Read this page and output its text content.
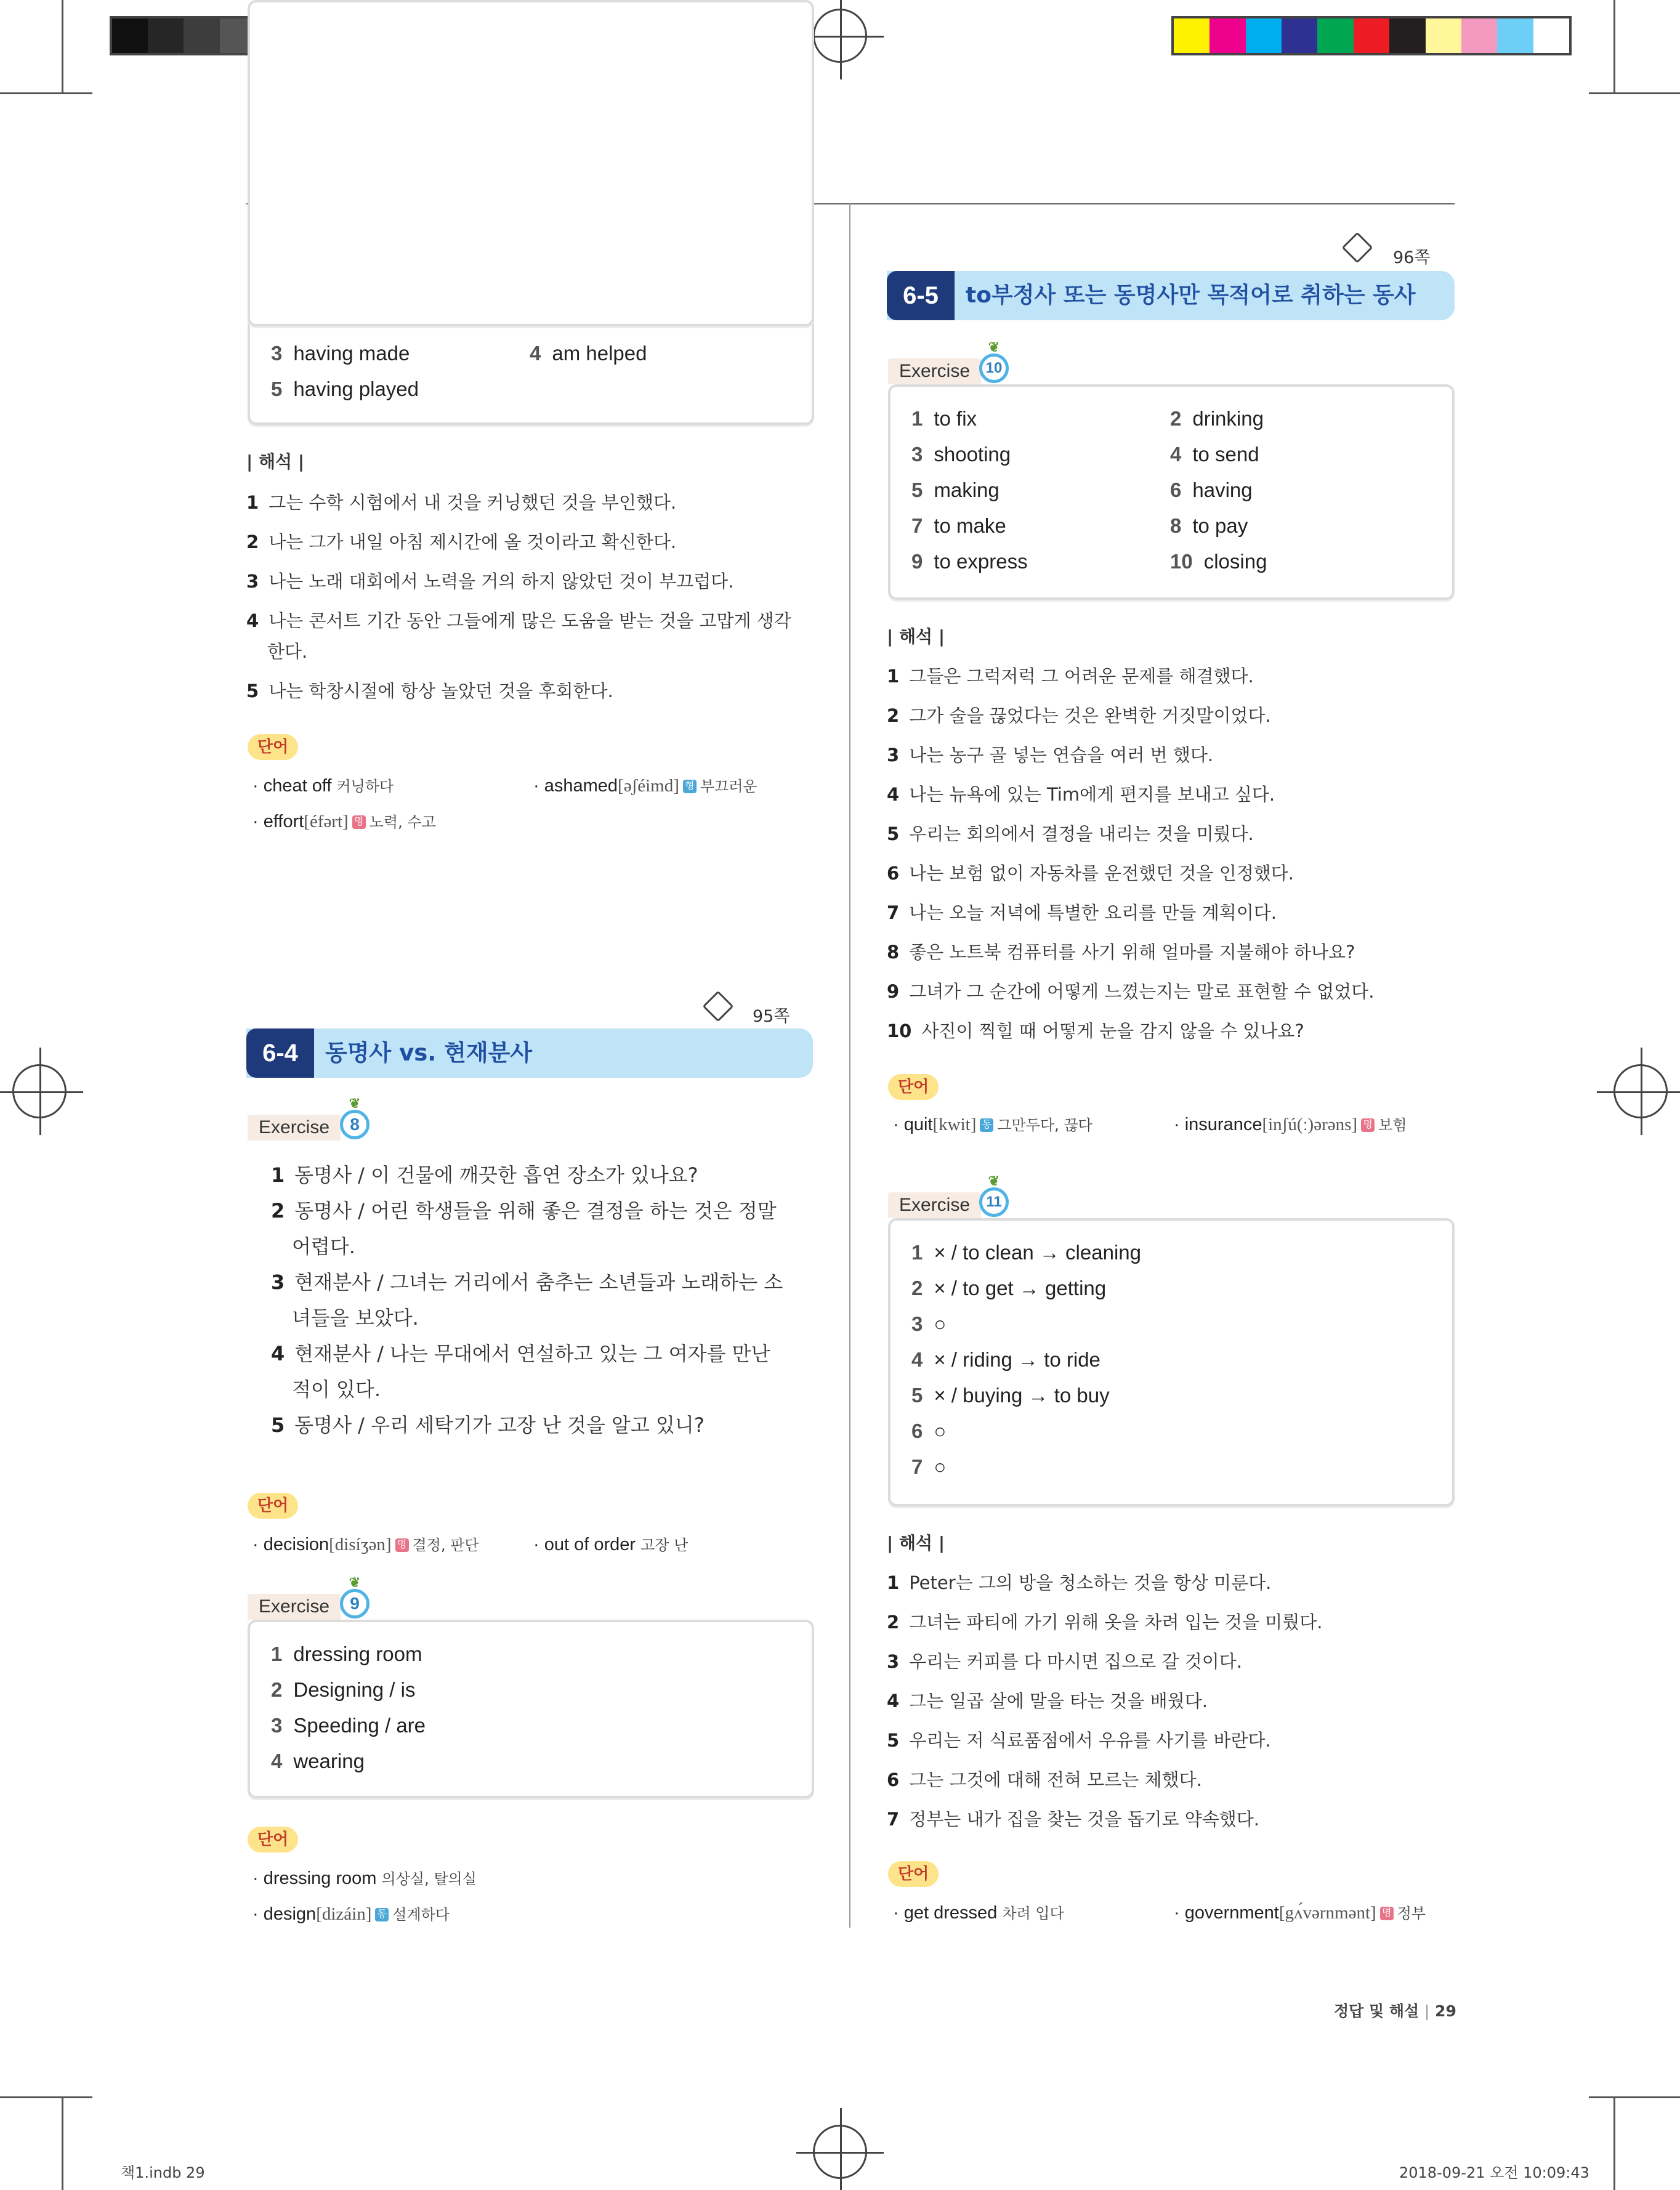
3 having made	4 am helped
5 having played
| 해석 |
1 그는 수학 시험에서 내 것을 커닝했던 것을 부인했다.
2 나는 그가 내일 아침 제시간에 올 것이라고 확신한다.
3 나는 노래 대회에서 노력을 거의 하지 않았던 것이 부끄럽다.
4 나는 콘서트 기간 동안 그들에게 많은 도움을 받는 것을 고맙게 생각
한다.
5 나는 학창시절에 항상 놀았던 것을 후회한다.
단어
· cheat off 커닝하다	· ashamed[əʃéimd] 형 부끄러운
· effort[éfərt] 명 노력, 수고
95쪽
6-4	동명사 vs. 현재분사
Exercise
❦
8
1 동명사 / 이 건물에 깨끗한 흡연 장소가 있나요?
2 동명사 / 어린 학생들을 위해 좋은 결정을 하는 것은 정말
어렵다.
3 현재분사 / 그녀는 거리에서 춤추는 소년들과 노래하는 소
녀들을 보았다.
4 현재분사 / 나는 무대에서 연설하고 있는 그 여자를 만난
적이 있다.
5 동명사 / 우리 세탁기가 고장 난 것을 알고 있니?
단어
· decision[disíʒən] 명 결정, 판단	· out of order 고장 난
Exercise
❦
9
1 dressing room
2 Designing / is
3 Speeding / are
4 wearing
단어
· dressing room 의상실, 탈의실
· design[dizáin] 동 설계하다
96쪽
6-5	to부정사 또는 동명사만 목적어로 취하는 동사
Exercise
❦
10
1 to fix	2 drinking
3 shooting	4 to send
5 making	6 having
7 to make	8 to pay
9 to express	10 closing
| 해석 |
1 그들은 그럭저럭 그 어려운 문제를 해결했다.
2 그가 술을 끊었다는 것은 완벽한 거짓말이었다.
3 나는 농구 골 넣는 연습을 여러 번 했다.
4 나는 뉴욕에 있는 Tim에게 편지를 보내고 싶다.
5 우리는 회의에서 결정을 내리는 것을 미뤘다.
6 나는 보험 없이 자동차를 운전했던 것을 인정했다.
7 나는 오늘 저녁에 특별한 요리를 만들 계획이다.
8 좋은 노트북 컴퓨터를 사기 위해 얼마를 지불해야 하나요?
9 그녀가 그 순간에 어떻게 느꼈는지는 말로 표현할 수 없었다.
10 사진이 찍힐 때 어떻게 눈을 감지 않을 수 있나요?
단어
· quit[kwit] 동 그만두다, 끊다	· insurance[inʃú(ː)ərəns] 명 보험
Exercise
❦
11
1 × / to clean → cleaning
2 × / to get → getting
3 ○
4 × / riding → to ride
5 × / buying → to buy
6 ○
7 ○
| 해석 |
1 Peter는 그의 방을 청소하는 것을 항상 미룬다.
2 그녀는 파티에 가기 위해 옷을 차려 입는 것을 미뤘다.
3 우리는 커피를 다 마시면 집으로 갈 것이다.
4 그는 일곱 살에 말을 타는 것을 배웠다.
5 우리는 저 식료품점에서 우유를 사기를 바란다.
6 그는 그것에 대해 전혀 모르는 체했다.
7 정부는 내가 집을 찾는 것을 돕기로 약속했다.
단어
· get dressed 차려 입다	· government[gʌ́vərnmənt] 명 정부
정답 및 해설 | 29
책1.indb 29	2018-09-21 오전 10:09:43
